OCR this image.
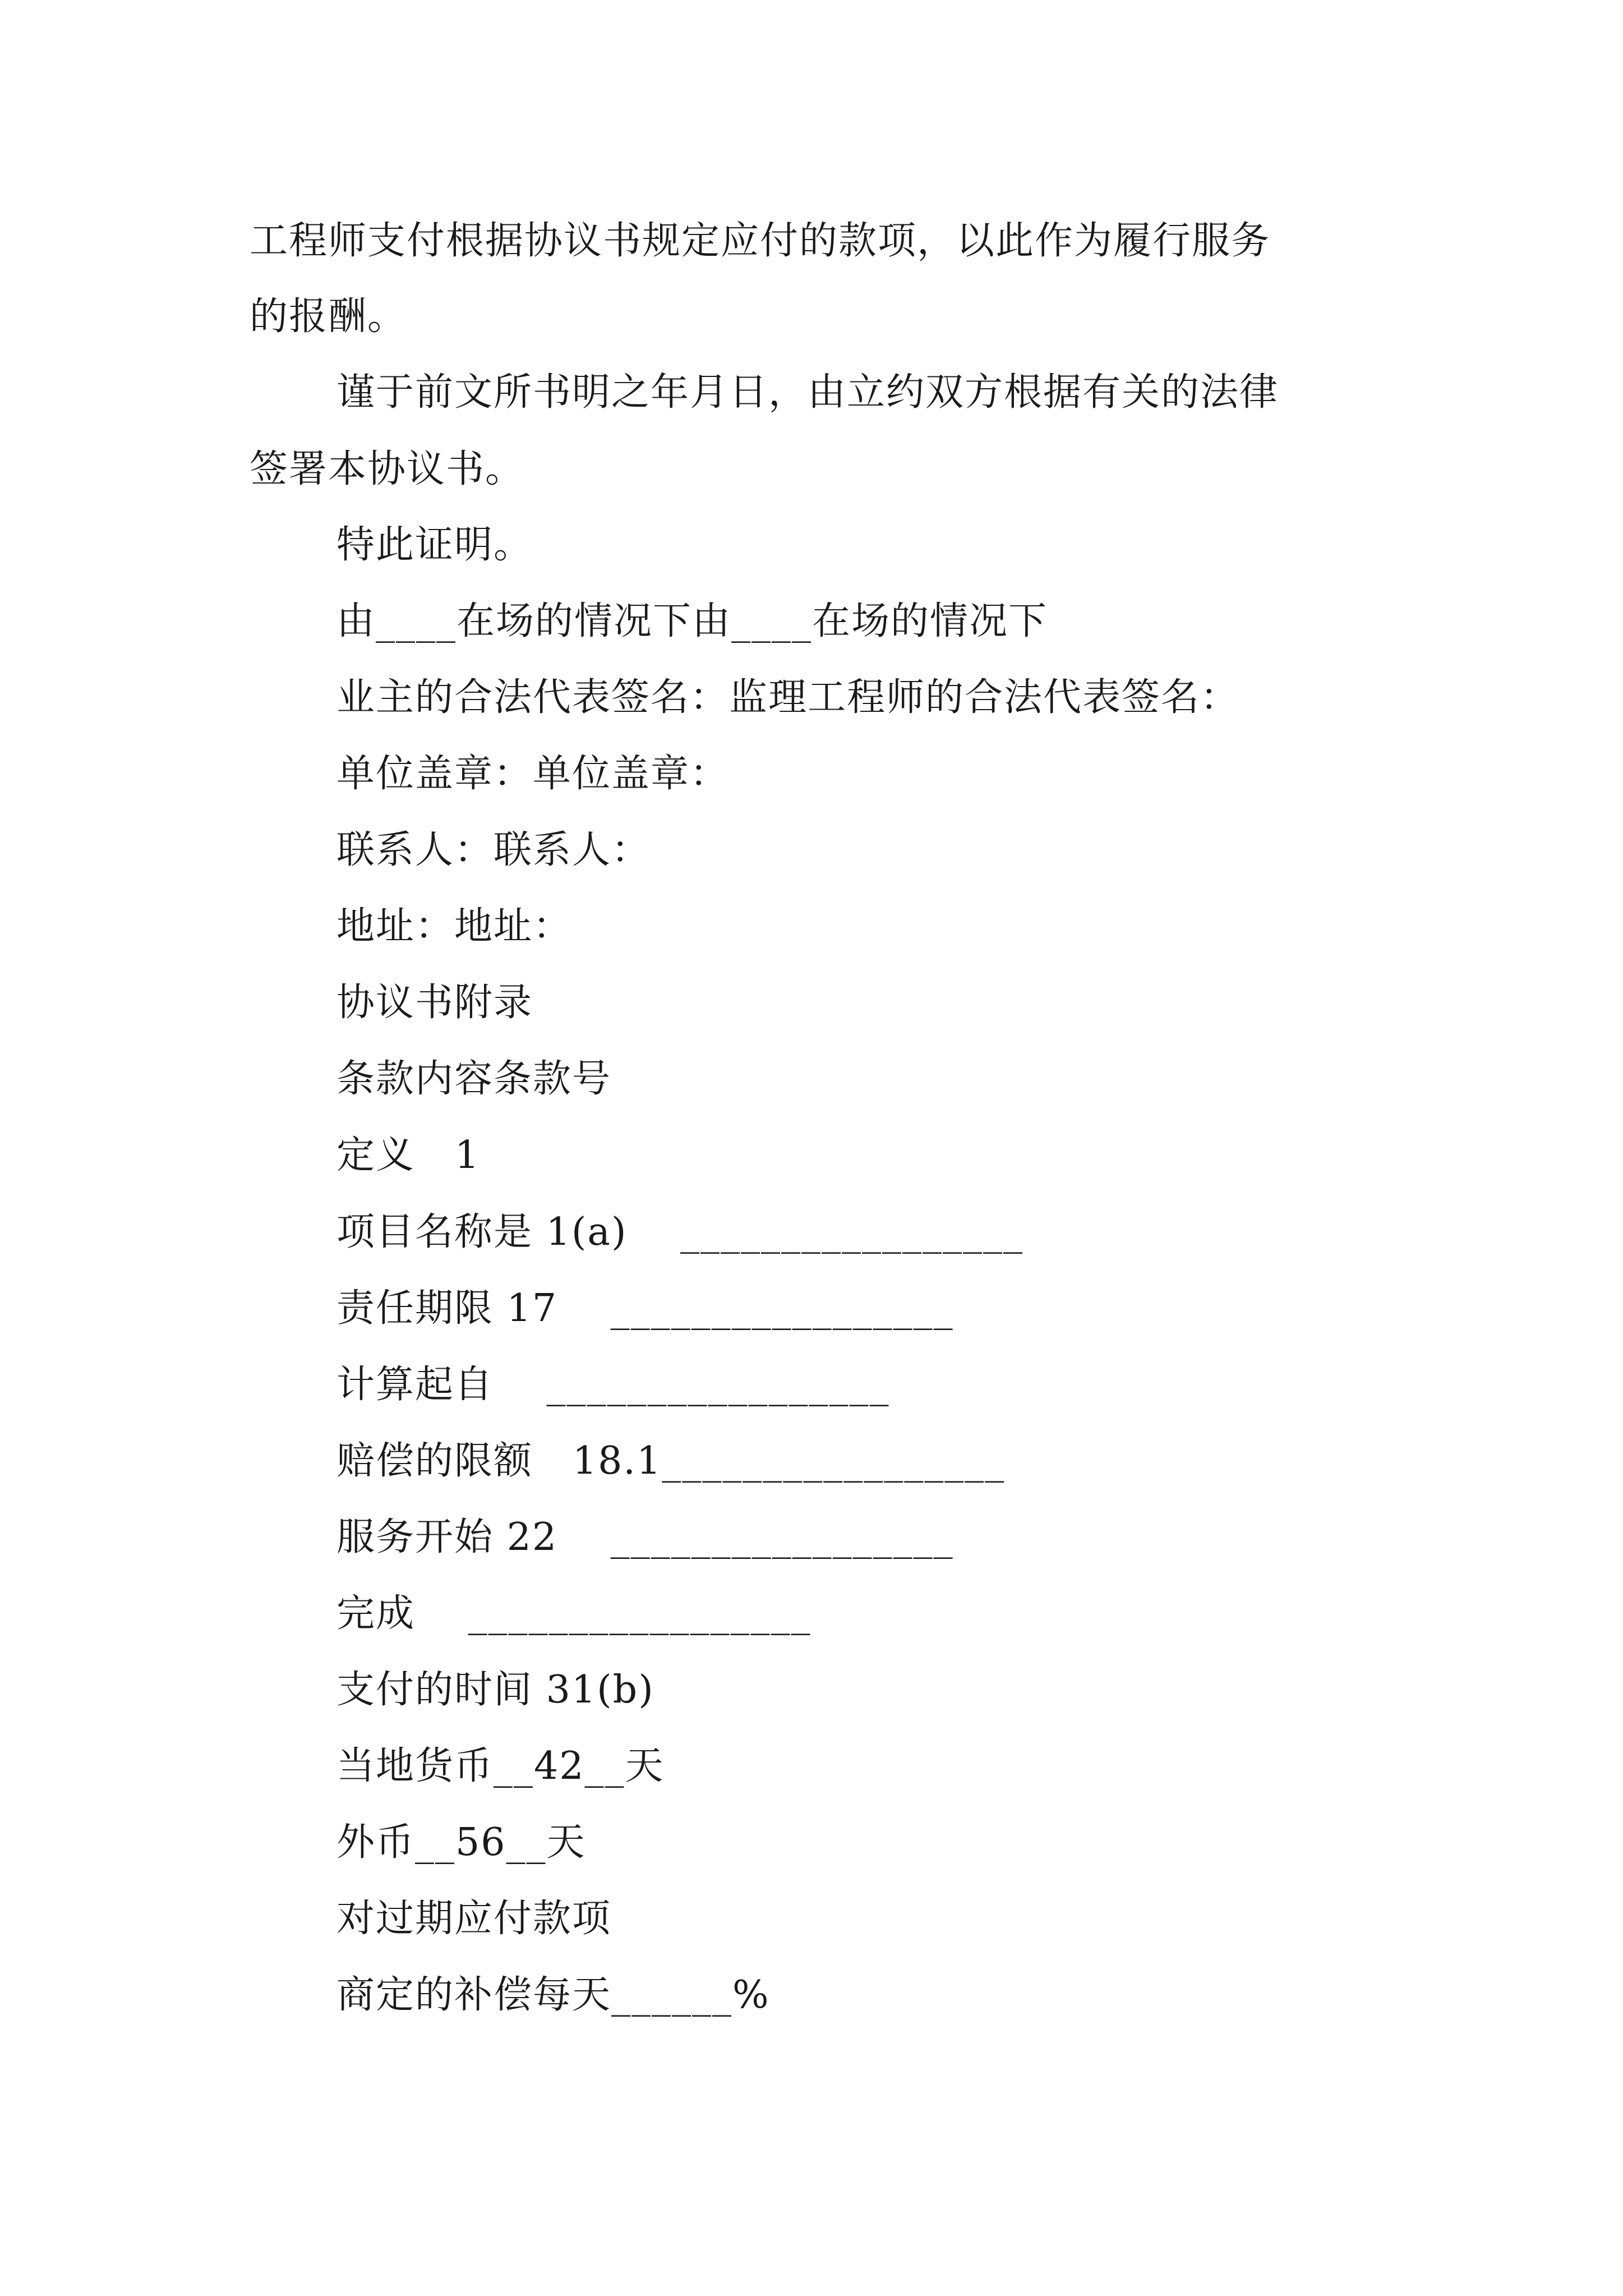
工程师支付根据协议书规定应付的款项，以此作为履行服务
的报酬。
谨于前文所书明之年月日，由立约双方根据有关的法律
签署本协议书。
特此证明。
由____在场的情况下由____在场的情况下
业主的合法代表签名：监理工程师的合法代表签名：
单位盖章：单位盖章：
联系人：联系人：
地址：地址：
协议书附录
条款内容条款号
定义   1
项目名称是 1(a)    _________________
责任期限 17    _________________
计算起自    _________________
赔偿的限额   18.1_________________
服务开始 22    _________________
完成    _________________
支付的时间 31(b)
当地货币__42__天
外币__56__天
对过期应付款项
商定的补偿每天______%
